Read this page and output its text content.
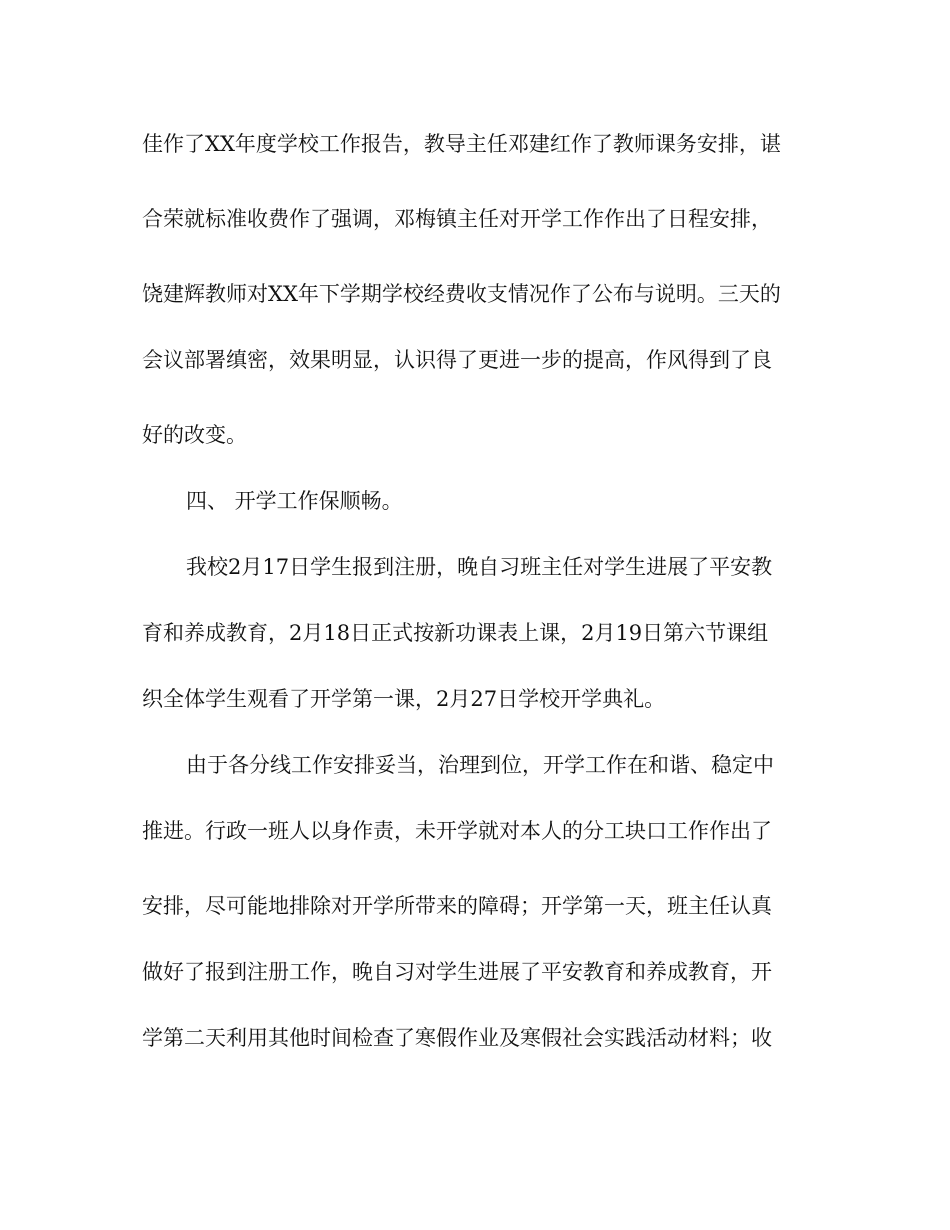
佳作了XX年度学校工作报告，教导主任邓建红作了教师课务安排，谌
合荣就标准收费作了强调，邓梅镇主任对开学工作作出了日程安排，
饶建辉教师对XX年下学期学校经费收支情况作了公布与说明。三天的
会议部署缜密，效果明显，认识得了更进一步的提高，作风得到了良
好的改变。
四、 开学工作保顺畅。
我校2月17日学生报到注册，晚自习班主任对学生进展了平安教
育和养成教育，2月18日正式按新功课表上课，2月19日第六节课组
织全体学生观看了开学第一课，2月27日学校开学典礼。
由于各分线工作安排妥当，治理到位，开学工作在和谐、稳定中
推进。行政一班人以身作责，未开学就对本人的分工块口工作作出了
安排，尽可能地排除对开学所带来的障碍；开学第一天，班主任认真
做好了报到注册工作，晚自习对学生进展了平安教育和养成教育，开
学第二天利用其他时间检查了寒假作业及寒假社会实践活动材料；收
